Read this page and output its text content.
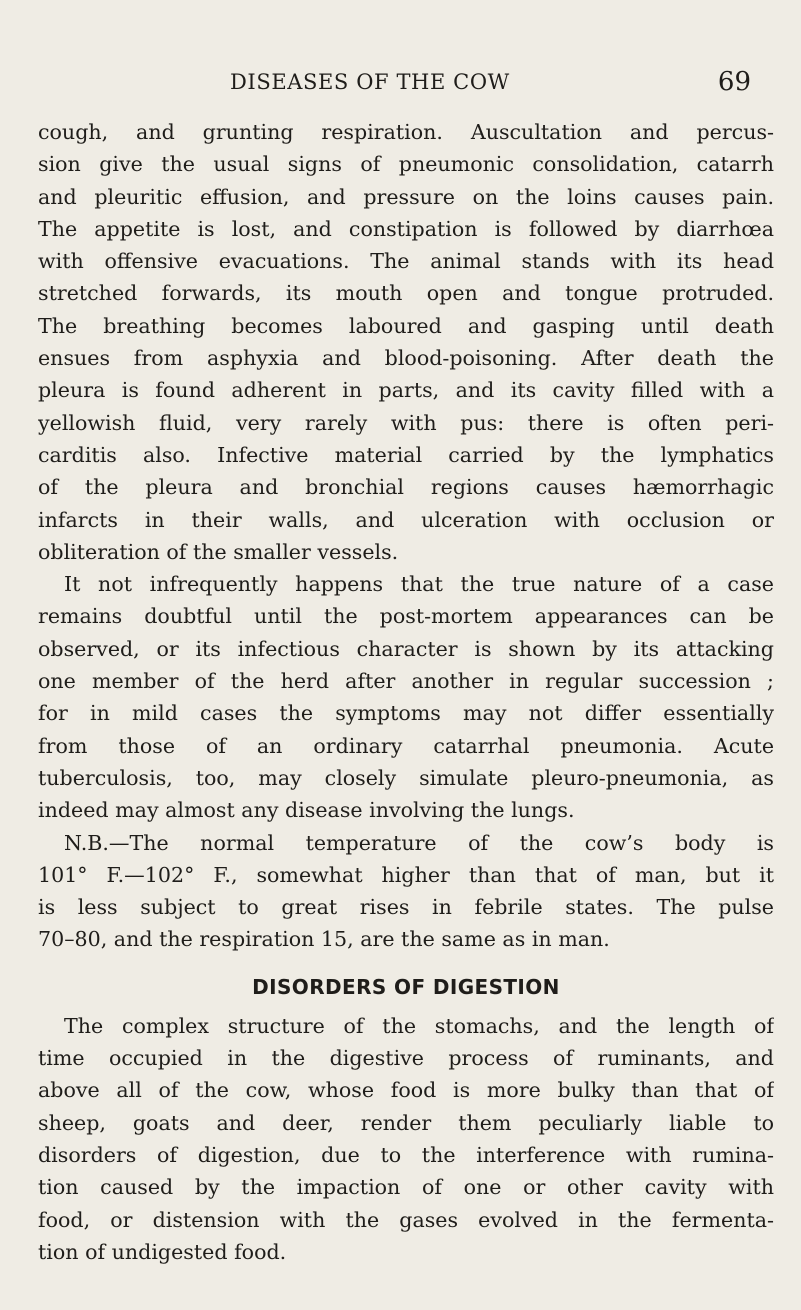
DISEASES OF THE COW	69
cough, and grunting respiration. Auscultation and percus-
sion give the usual signs of pneumonic consolidation, catarrh
and pleuritic effusion, and pressure on the loins causes pain.
The appetite is lost, and constipation is followed by diarrhœa
with offensive evacuations. The animal stands with its head
stretched forwards, its mouth open and tongue protruded.
The breathing becomes laboured and gasping until death
ensues from asphyxia and blood-poisoning. After death the
pleura is found adherent in parts, and its cavity filled with a
yellowish fluid, very rarely with pus: there is often peri-
carditis also. Infective material carried by the lymphatics
of the pleura and bronchial regions causes hæmorrhagic
infarcts in their walls, and ulceration with occlusion or
obliteration of the smaller vessels.
It not infrequently happens that the true nature of a case
remains doubtful until the post-mortem appearances can be
observed, or its infectious character is shown by its attacking
one member of the herd after another in regular succession ;
for in mild cases the symptoms may not differ essentially
from those of an ordinary catarrhal pneumonia. Acute
tuberculosis, too, may closely simulate pleuro-pneumonia, as
indeed may almost any disease involving the lungs.
N.B.—The normal temperature of the cow’s body is
101° F.—102° F., somewhat higher than that of man, but it
is less subject to great rises in febrile states. The pulse
70–80, and the respiration 15, are the same as in man.
DISORDERS OF DIGESTION
The complex structure of the stomachs, and the length of
time occupied in the digestive process of ruminants, and
above all of the cow, whose food is more bulky than that of
sheep, goats and deer, render them peculiarly liable to
disorders of digestion, due to the interference with rumina-
tion caused by the impaction of one or other cavity with
food, or distension with the gases evolved in the fermenta-
tion of undigested food.
